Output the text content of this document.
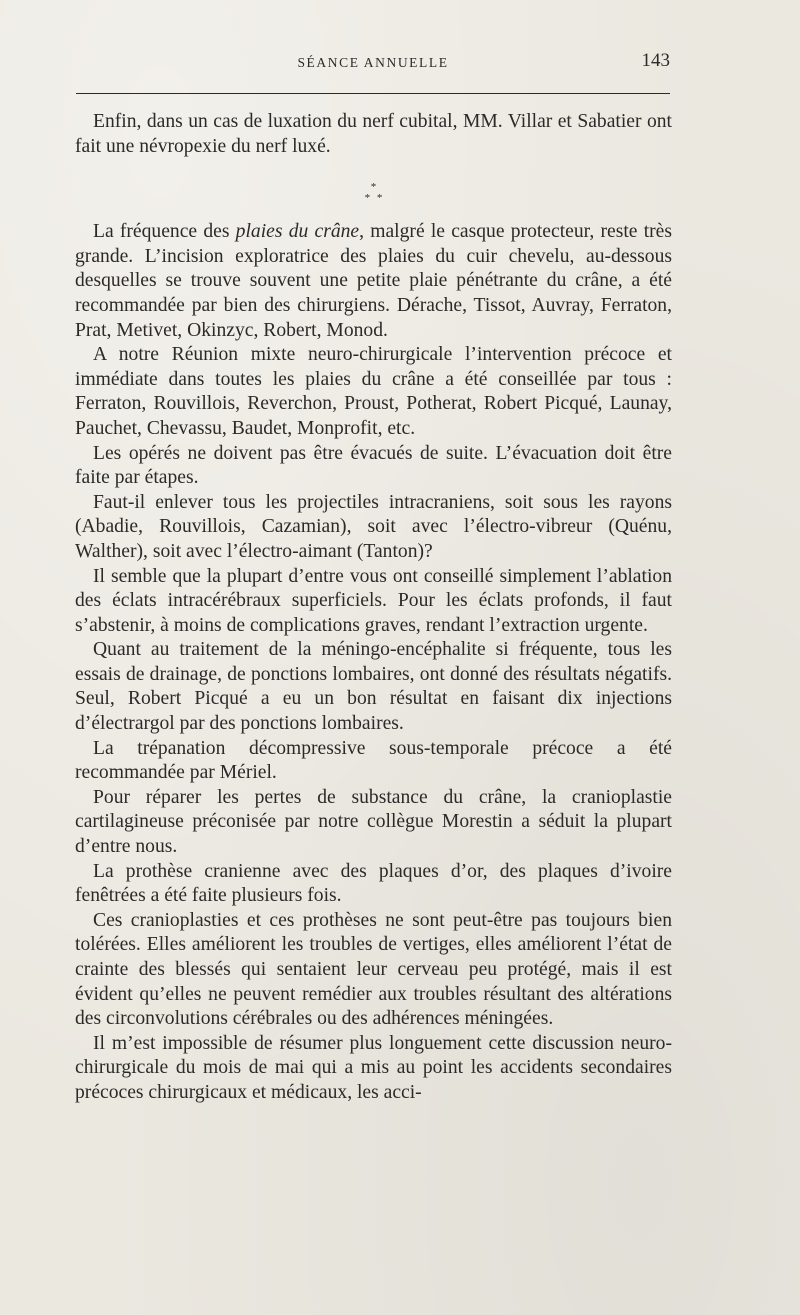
SÉANCE ANNUELLE	143

Enfin, dans un cas de luxation du nerf cubital, MM. Villar et Sabatier ont fait une névropexie du nerf luxé.

*
* *

La fréquence des plaies du crâne, malgré le casque protecteur, reste très grande. L’incision exploratrice des plaies du cuir chevelu, au-dessous desquelles se trouve souvent une petite plaie pénétrante du crâne, a été recommandée par bien des chirurgiens. Dérache, Tissot, Auvray, Ferraton, Prat, Metivet, Okinzyc, Robert, Monod.

A notre Réunion mixte neuro-chirurgicale l’intervention précoce et immédiate dans toutes les plaies du crâne a été conseillée par tous : Ferraton, Rouvillois, Reverchon, Proust, Potherat, Robert Picqué, Launay, Pauchet, Chevassu, Baudet, Monprofit, etc.

Les opérés ne doivent pas être évacués de suite. L’évacuation doit être faite par étapes.

Faut-il enlever tous les projectiles intracraniens, soit sous les rayons (Abadie, Rouvillois, Cazamian), soit avec l’électro-vibreur (Quénu, Walther), soit avec l’électro-aimant (Tanton)?

Il semble que la plupart d’entre vous ont conseillé simplement l’ablation des éclats intracérébraux superficiels. Pour les éclats profonds, il faut s’abstenir, à moins de complications graves, rendant l’extraction urgente.

Quant au traitement de la méningo-encéphalite si fréquente, tous les essais de drainage, de ponctions lombaires, ont donné des résultats négatifs. Seul, Robert Picqué a eu un bon résultat en faisant dix injections d’électrargol par des ponctions lombaires.

La trépanation décompressive sous-temporale précoce a été recommandée par Mériel.

Pour réparer les pertes de substance du crâne, la cranioplastie cartilagineuse préconisée par notre collègue Morestin a séduit la plupart d’entre nous.

La prothèse cranienne avec des plaques d’or, des plaques d’ivoire fenêtrées a été faite plusieurs fois.

Ces cranioplasties et ces prothèses ne sont peut-être pas toujours bien tolérées. Elles améliorent les troubles de vertiges, elles améliorent l’état de crainte des blessés qui sentaient leur cerveau peu protégé, mais il est évident qu’elles ne peuvent remédier aux troubles résultant des altérations des circonvolutions cérébrales ou des adhérences méningées.

Il m’est impossible de résumer plus longuement cette discussion neuro-chirurgicale du mois de mai qui a mis au point les accidents secondaires précoces chirurgicaux et médicaux, les acci-
